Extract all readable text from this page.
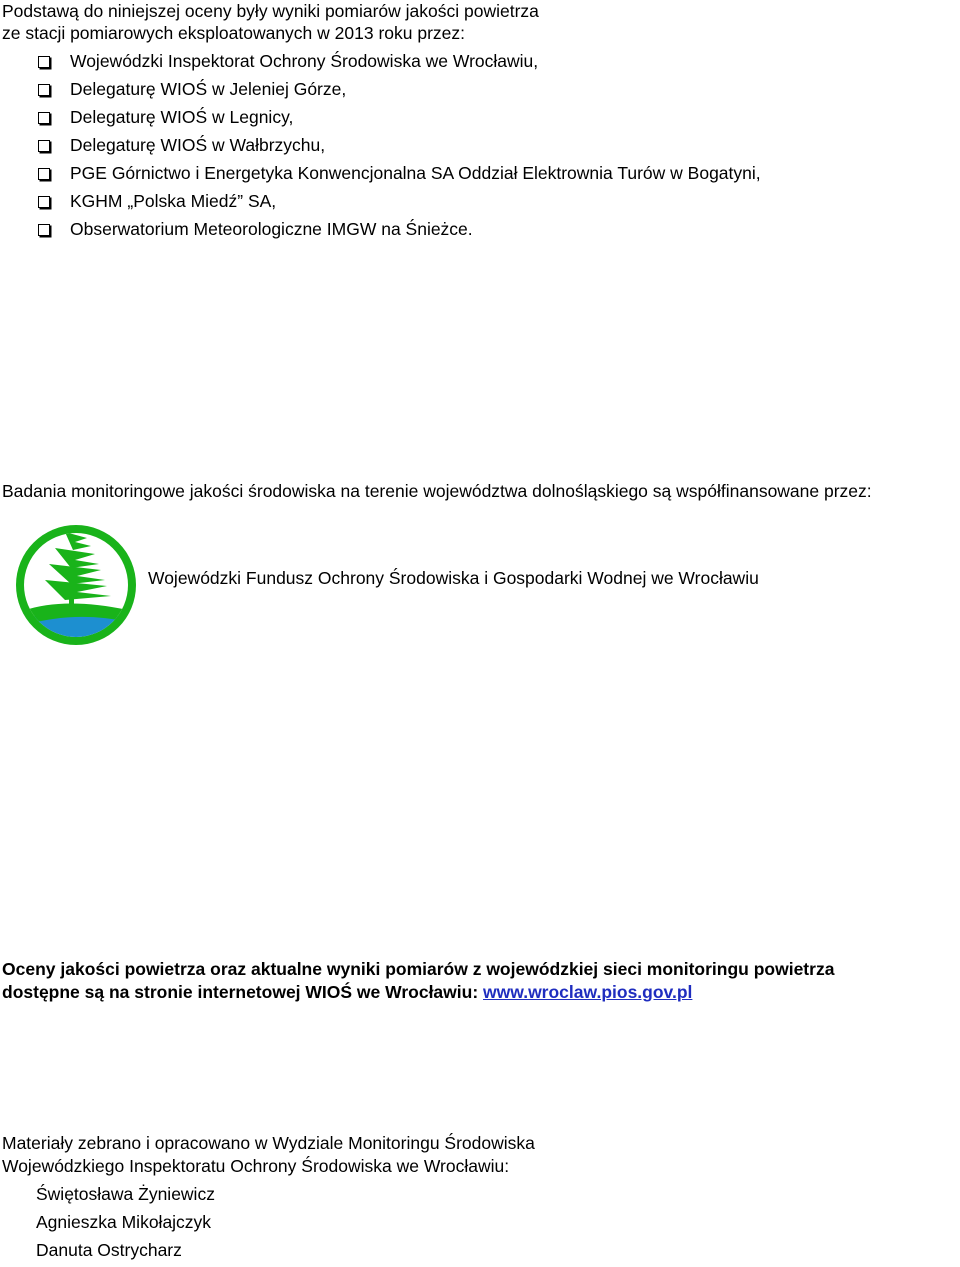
Podstawą do niniejszej oceny były wyniki pomiarów jakości powietrza
ze stacji pomiarowych eksploatowanych w 2013 roku przez:
Wojewódzki Inspektorat Ochrony Środowiska we Wrocławiu,
Delegaturę WIOŚ w Jeleniej Górze,
Delegaturę WIOŚ w Legnicy,
Delegaturę WIOŚ w Wałbrzychu,
PGE Górnictwo i Energetyka Konwencjonalna SA Oddział Elektrownia Turów w Bogatyni,
KGHM „Polska Miedź” SA,
Obserwatorium Meteorologiczne IMGW na Śnieżce.
Badania monitoringowe jakości środowiska na terenie województwa dolnośląskiego są współfinansowane przez:
Wojewódzki Fundusz Ochrony Środowiska i Gospodarki Wodnej we Wrocławiu
Oceny jakości powietrza oraz aktualne wyniki pomiarów z wojewódzkiej sieci monitoringu powietrza
dostępne są na stronie internetowej WIOŚ we Wrocławiu: www.wroclaw.pios.gov.pl
Materiały zebrano i opracowano w Wydziale Monitoringu Środowiska
Wojewódzkiego Inspektoratu Ochrony Środowiska we Wrocławiu:
Świętosława Żyniewicz
Agnieszka Mikołajczyk
Danuta Ostrycharz
